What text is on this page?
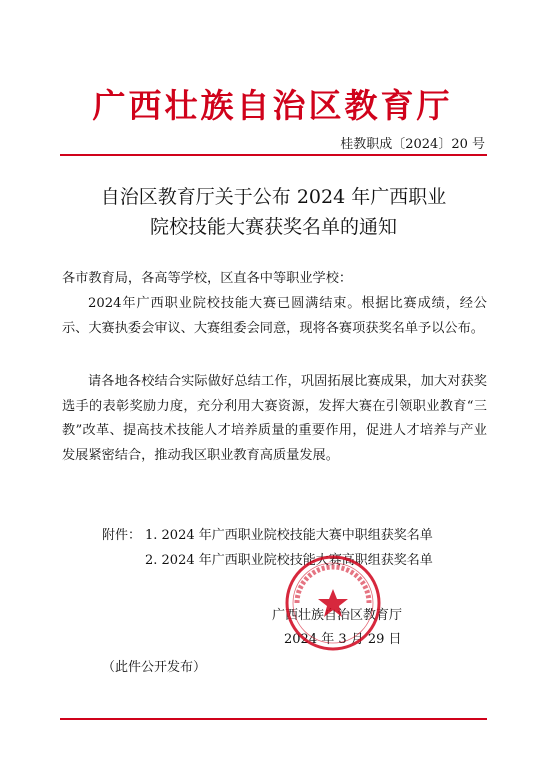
广西壮族自治区教育厅
桂教职成〔2024〕20 号
自治区教育厅关于公布 2024 年广西职业
院校技能大赛获奖名单的通知
各市教育局，各高等学校，区直各中等职业学校：
2024年广西职业院校技能大赛已圆满结束。根据比赛成绩，经公示、大赛执委会审议、大赛组委会同意，现将各赛项获奖名单予以公布。
请各地各校结合实际做好总结工作，巩固拓展比赛成果，加大对获奖选手的表彰奖励力度，充分利用大赛资源，发挥大赛在引领职业教育“三教”改革、提高技术技能人才培养质量的重要作用，促进人才培养与产业发展紧密结合，推动我区职业教育高质量发展。
附件： 1. 2024 年广西职业院校技能大赛中职组获奖名单
2. 2024 年广西职业院校技能大赛高职组获奖名单
广西壮族自治区教育厅
2024 年 3 月 29 日
（此件公开发布）
